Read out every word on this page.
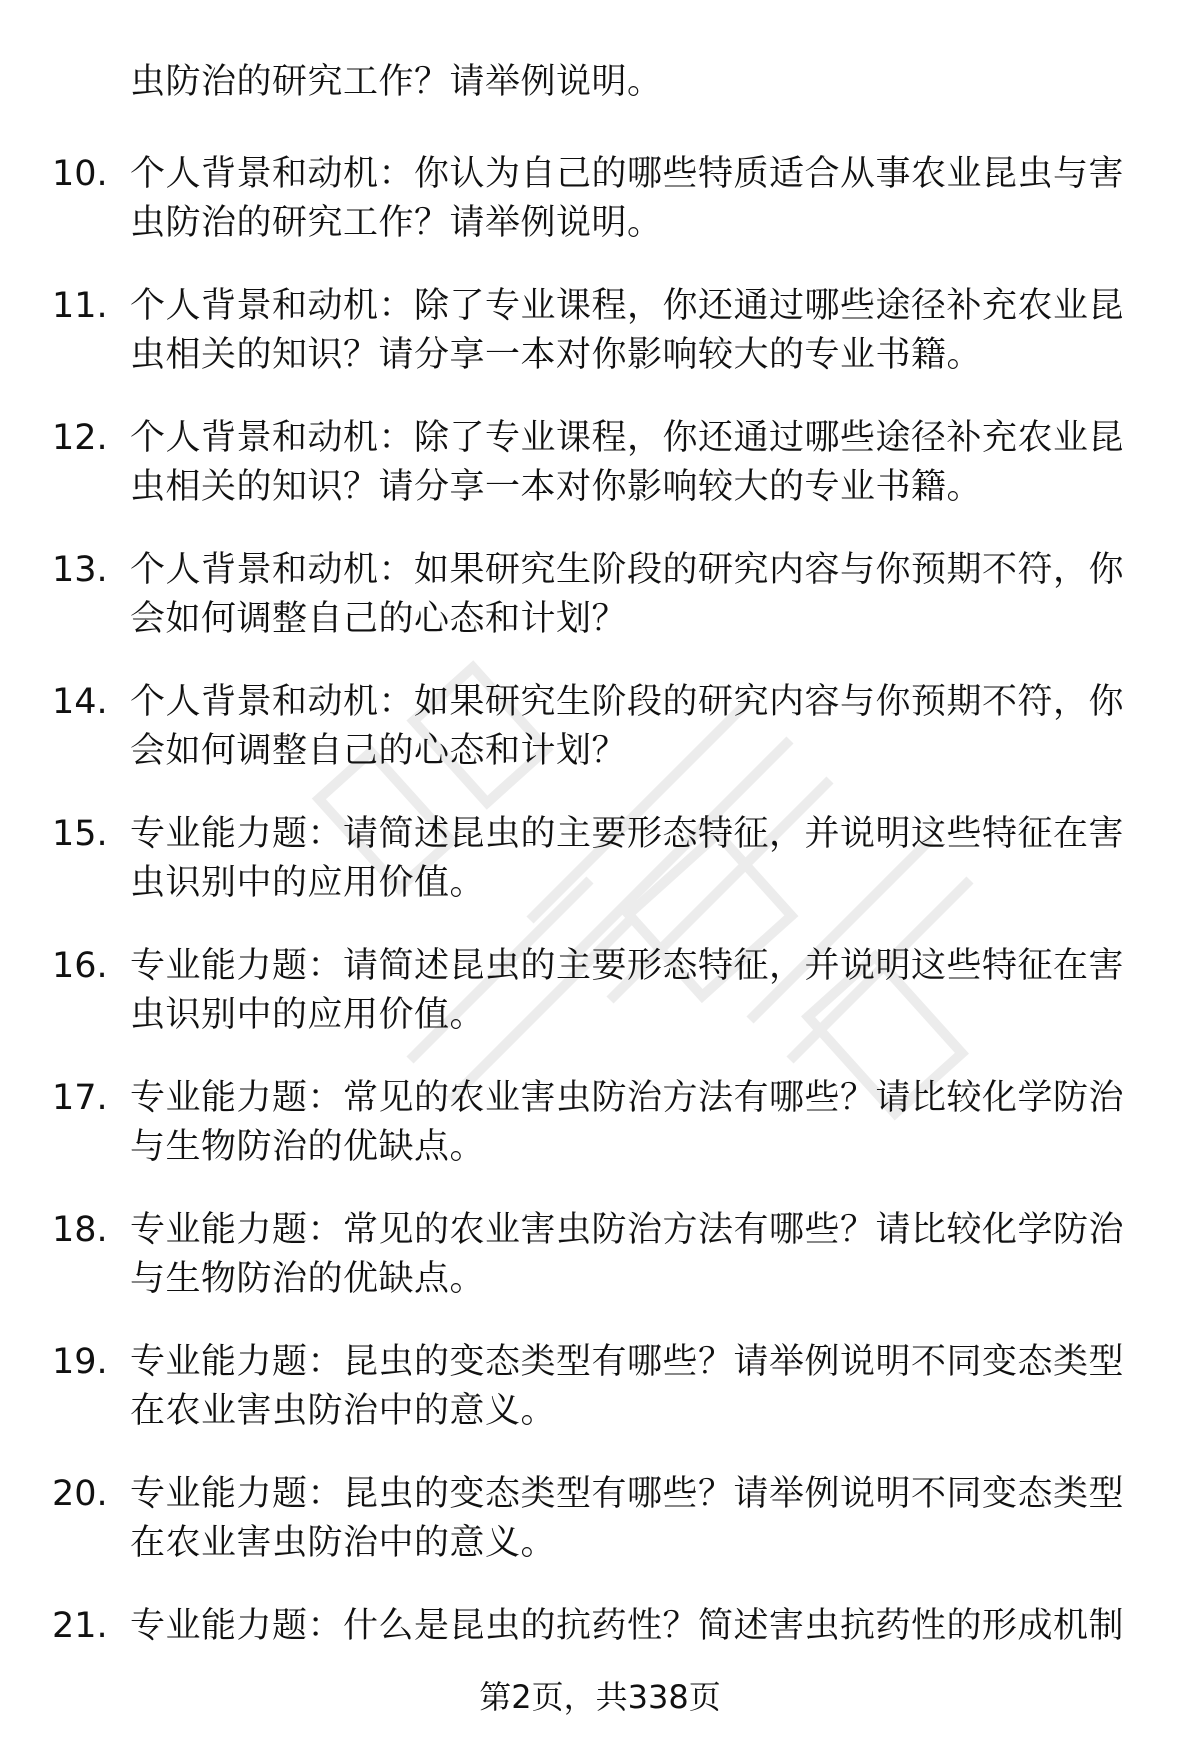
虫防治的研究工作？请举例说明。
10. 个人背景和动机：你认为自己的哪些特质适合从事农业昆虫与害虫防治的研究工作？请举例说明。
11. 个人背景和动机：除了专业课程，你还通过哪些途径补充农业昆虫相关的知识？请分享一本对你影响较大的专业书籍。
12. 个人背景和动机：除了专业课程，你还通过哪些途径补充农业昆虫相关的知识？请分享一本对你影响较大的专业书籍。
13. 个人背景和动机：如果研究生阶段的研究内容与你预期不符，你会如何调整自己的心态和计划？
14. 个人背景和动机：如果研究生阶段的研究内容与你预期不符，你会如何调整自己的心态和计划？
15. 专业能力题：请简述昆虫的主要形态特征，并说明这些特征在害虫识别中的应用价值。
16. 专业能力题：请简述昆虫的主要形态特征，并说明这些特征在害虫识别中的应用价值。
17. 专业能力题：常见的农业害虫防治方法有哪些？请比较化学防治与生物防治的优缺点。
18. 专业能力题：常见的农业害虫防治方法有哪些？请比较化学防治与生物防治的优缺点。
19. 专业能力题：昆虫的变态类型有哪些？请举例说明不同变态类型在农业害虫防治中的意义。
20. 专业能力题：昆虫的变态类型有哪些？请举例说明不同变态类型在农业害虫防治中的意义。
21. 专业能力题：什么是昆虫的抗药性？简述害虫抗药性的形成机制
第2页，共338页
